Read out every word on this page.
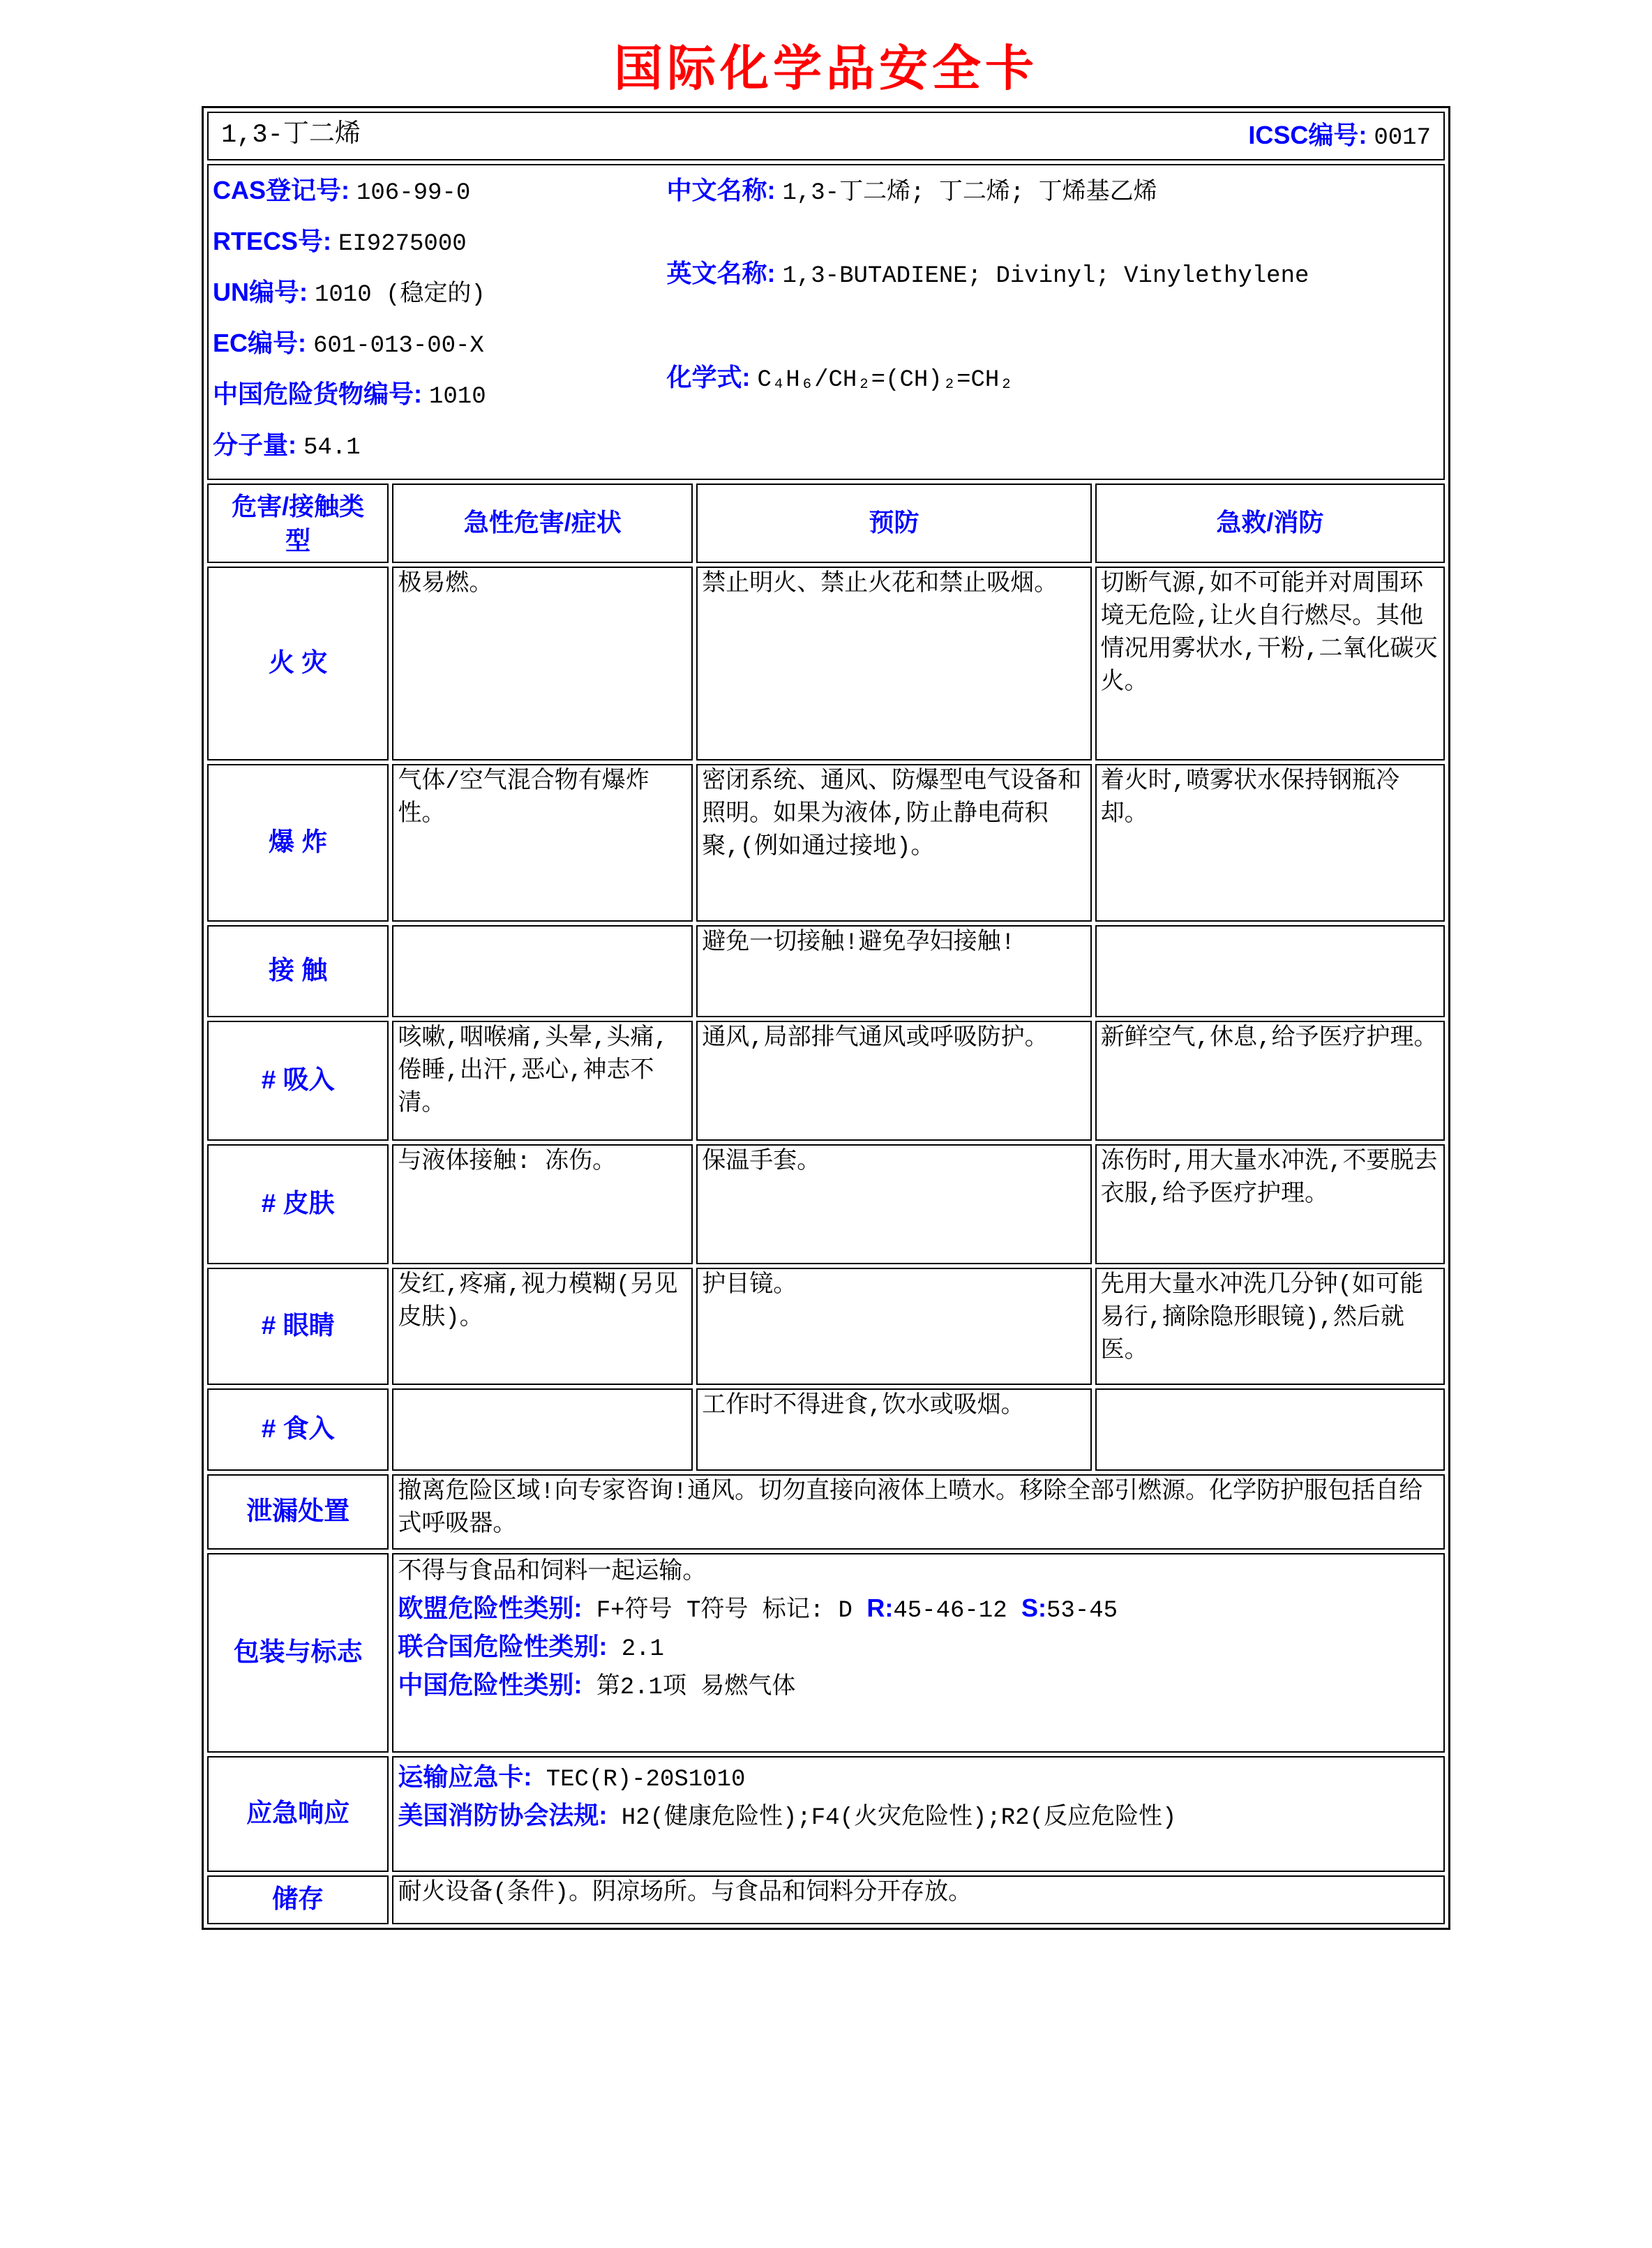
国际化学品安全卡
1,3-丁二烯 ICSC编号: 0017			

CAS登记号: 106-99-0
RTECS号: EI9275000
UN编号: 1010 (稳定的)
EC编号: 601-013-00-X
中国危险货物编号: 1010
分子量: 54.1
中文名称: 1,3-丁二烯; 丁二烯; 丁烯基乙烯
英文名称: 1,3-BUTADIENE; Divinyl; Vinylethylene
化学式: C₄H₆/CH₂=(CH)₂=CH₂

危害/接触类型	急性危害/症状	预防	急救/消防
火 灾	极易燃。	禁止明火、禁止火花和禁止吸烟。	切断气源,如不可能并对周围环境无危险,让火自行燃尽。其他情况用雾状水,干粉,二氧化碳灭火。
爆 炸	气体/空气混合物有爆炸性。	密闭系统、通风、防爆型电气设备和照明。如果为液体,防止静电荷积聚,(例如通过接地)。	着火时,喷雾状水保持钢瓶冷却。
接 触		避免一切接触!避免孕妇接触!	
# 吸入	咳嗽,咽喉痛,头晕,头痛,倦睡,出汗,恶心,神志不清。	通风,局部排气通风或呼吸防护。	新鲜空气,休息,给予医疗护理。
# 皮肤	与液体接触: 冻伤。	保温手套。	冻伤时,用大量水冲洗,不要脱去衣服,给予医疗护理。
# 眼睛	发红,疼痛,视力模糊(另见皮肤)。	护目镜。	先用大量水冲洗几分钟(如可能易行,摘除隐形眼镜),然后就医。
# 食入		工作时不得进食,饮水或吸烟。	
泄漏处置	撤离危险区域!向专家咨询!通风。切勿直接向液体上喷水。移除全部引燃源。化学防护服包括自给式呼吸器。		
包装与标志	不得与食品和饲料一起运输。
欧盟危险性类别: F+符号 T符号 标记: D R:45-46-12 S:53-45
联合国危险性类别: 2.1
中国危险性类别: 第2.1项 易燃气体		

应急响应	运输应急卡: TEC(R)-20S1010
美国消防协会法规: H2(健康危险性);F4(火灾危险性);R2(反应危险性)		

储存	耐火设备(条件)。阴凉场所。与食品和饲料分开存放。		
